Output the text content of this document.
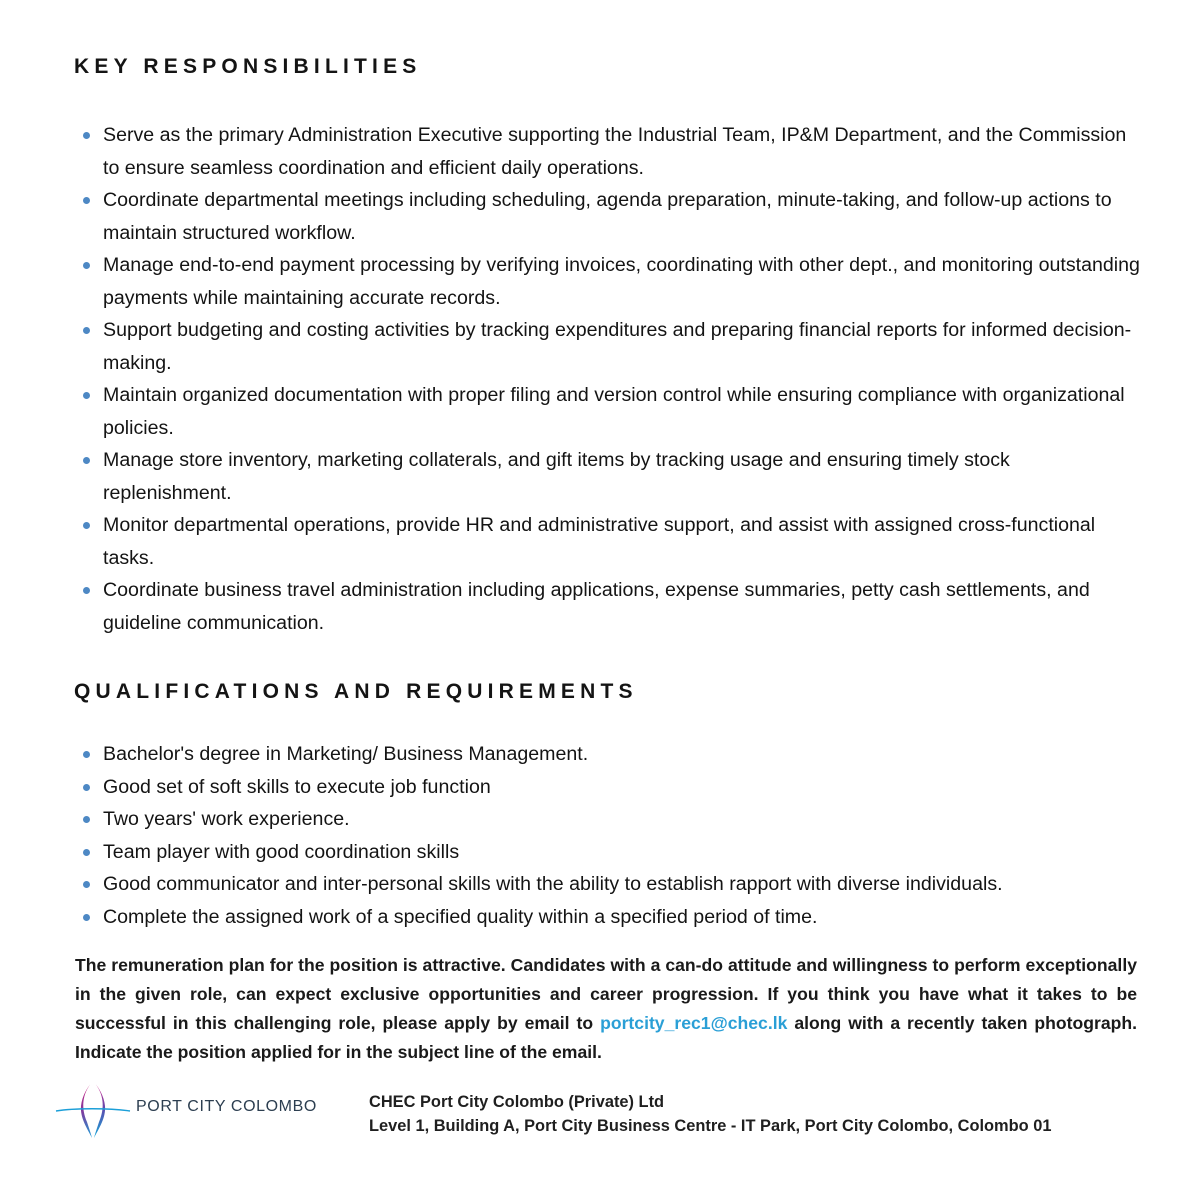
KEY RESPONSIBILITIES
Serve as the primary Administration Executive supporting the Industrial Team, IP&M Department, and the Commission to ensure seamless coordination and efficient daily operations.
Coordinate departmental meetings including scheduling, agenda preparation, minute-taking, and follow-up actions to maintain structured workflow.
Manage end-to-end payment processing by verifying invoices, coordinating with other dept., and monitoring outstanding payments while maintaining accurate records.
Support budgeting and costing activities by tracking expenditures and preparing financial reports for informed decision-making.
Maintain organized documentation with proper filing and version control while ensuring compliance with organizational policies.
Manage store inventory, marketing collaterals, and gift items by tracking usage and ensuring timely stock replenishment.
Monitor departmental operations, provide HR and administrative support, and assist with assigned cross-functional tasks.
Coordinate business travel administration including applications, expense summaries, petty cash settlements, and guideline communication.
QUALIFICATIONS AND REQUIREMENTS
Bachelor's degree in Marketing/ Business Management.
Good set of soft skills to execute job function
Two years' work experience.
Team player with good coordination skills
Good communicator and inter-personal skills with the ability to establish rapport with diverse individuals.
Complete the assigned work of a specified quality within a specified period of time.

The remuneration plan for the position is attractive. Candidates with a can-do attitude and willingness to perform exceptionally in the given role, can expect exclusive opportunities and career progression. If you think you have what it takes to be successful in this challenging role, please apply by email to portcity_rec1@chec.lk along with a recently taken photograph. Indicate the position applied for in the subject line of the email.

PORT CITY COLOMBO	CHEC Port City Colombo (Private) Ltd
Level 1, Building A, Port City Business Centre - IT Park, Port City Colombo, Colombo 01
